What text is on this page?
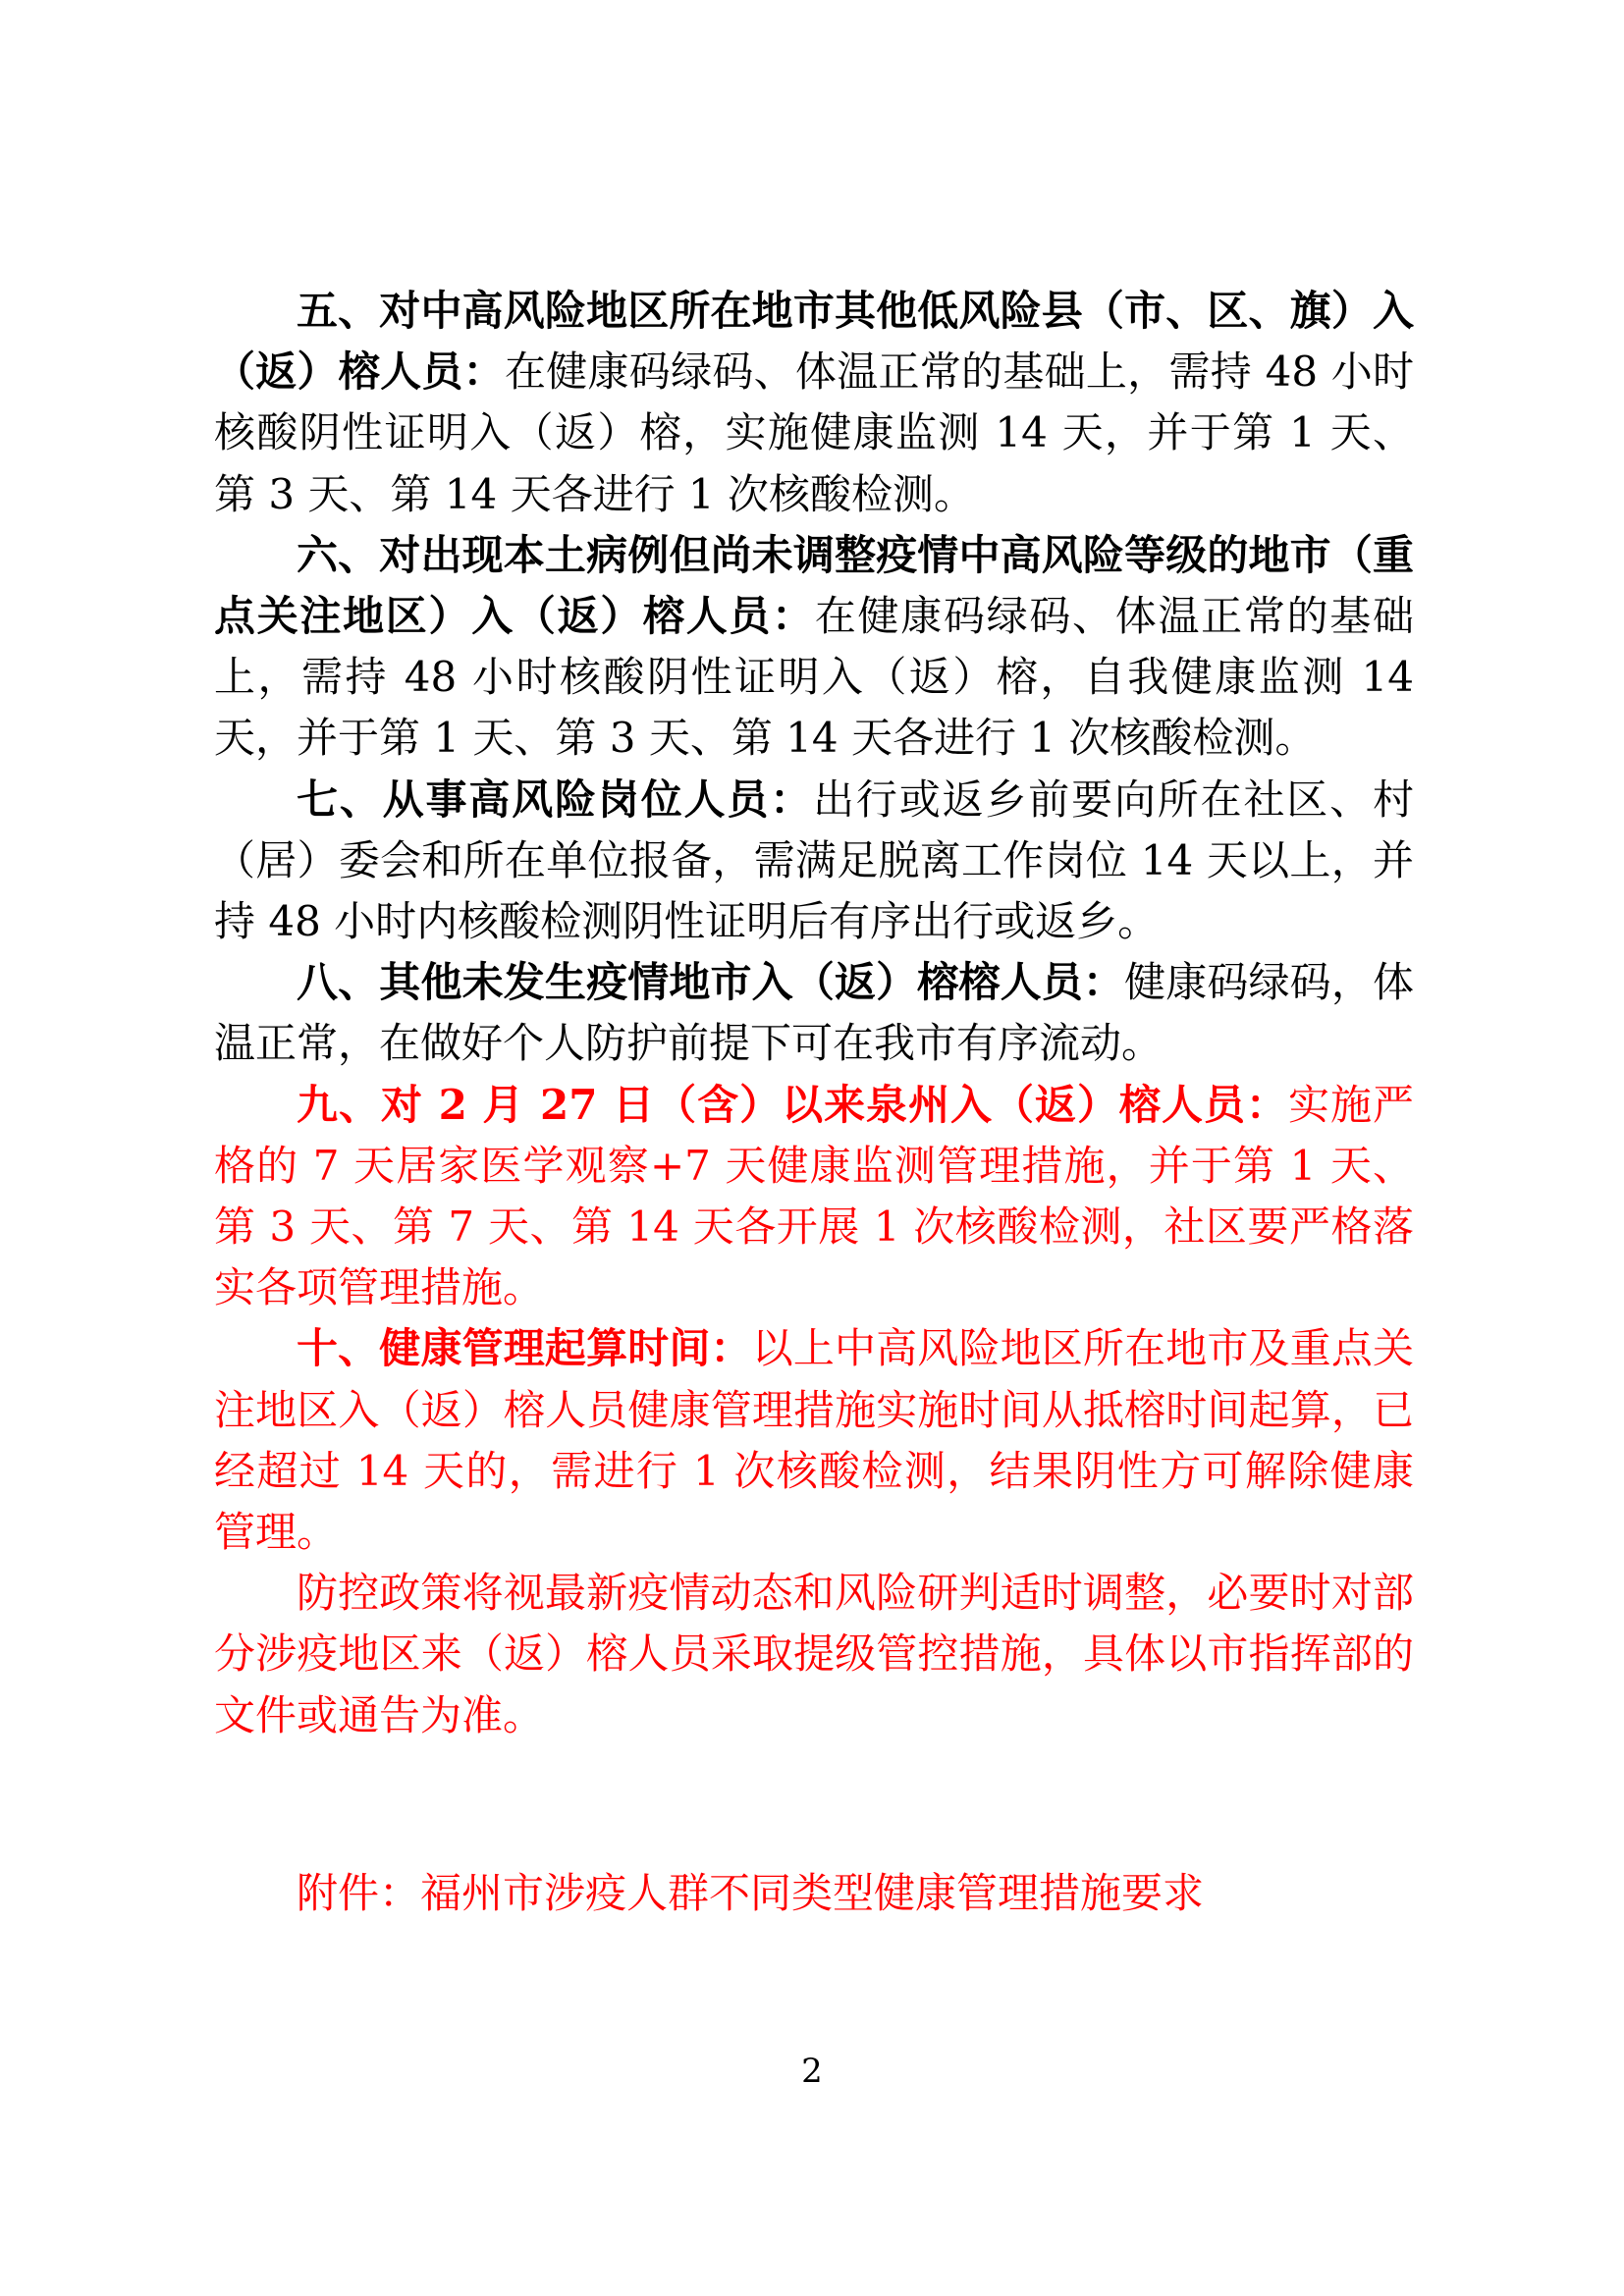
五、对中高风险地区所在地市其他低风险县（市、区、旗）入（返）榕人员：在健康码绿码、体温正常的基础上，需持 48 小时核酸阴性证明入（返）榕，实施健康监测 14 天，并于第 1 天、第 3 天、第 14 天各进行 1 次核酸检测。

六、对出现本土病例但尚未调整疫情中高风险等级的地市（重点关注地区）入（返）榕人员：在健康码绿码、体温正常的基础上，需持 48 小时核酸阴性证明入（返）榕，自我健康监测 14 天，并于第 1 天、第 3 天、第 14 天各进行 1 次核酸检测。

七、从事高风险岗位人员：出行或返乡前要向所在社区、村（居）委会和所在单位报备，需满足脱离工作岗位 14 天以上，并持 48 小时内核酸检测阴性证明后有序出行或返乡。

八、其他未发生疫情地市入（返）榕榕人员：健康码绿码，体温正常，在做好个人防护前提下可在我市有序流动。

九、对 2 月 27 日（含）以来泉州入（返）榕人员：实施严格的 7 天居家医学观察+7 天健康监测管理措施，并于第 1 天、第 3 天、第 7 天、第 14 天各开展 1 次核酸检测，社区要严格落实各项管理措施。

十、健康管理起算时间：以上中高风险地区所在地市及重点关注地区入（返）榕人员健康管理措施实施时间从抵榕时间起算，已经超过 14 天的，需进行 1 次核酸检测，结果阴性方可解除健康管理。

防控政策将视最新疫情动态和风险研判适时调整，必要时对部分涉疫地区来（返）榕人员采取提级管控措施，具体以市指挥部的文件或通告为准。

附件：福州市涉疫人群不同类型健康管理措施要求
2
